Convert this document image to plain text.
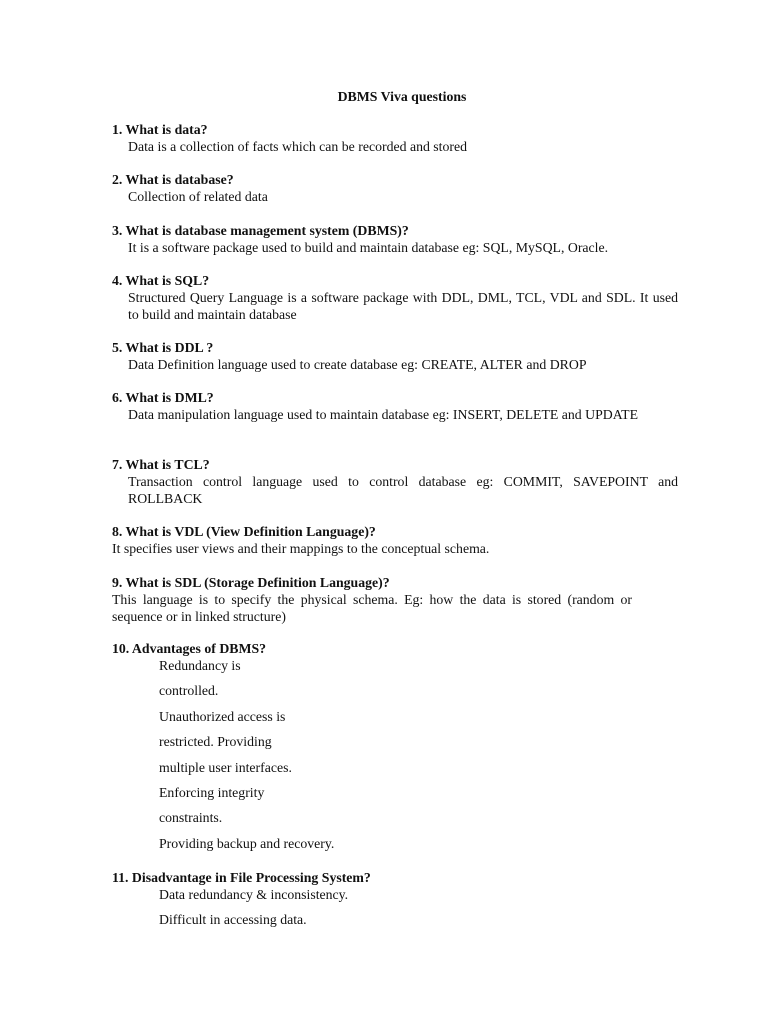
DBMS Viva questions
1. What is data?
Data is a collection of facts which can be recorded and stored
2. What is database?
Collection of related data
3. What is database management system (DBMS)?
It is a software package used to build and maintain database eg: SQL, MySQL, Oracle.
4. What is SQL?
Structured Query Language is a software package with DDL, DML, TCL, VDL and SDL. It used to build and maintain database
5. What is DDL ?
Data Definition language used to create database eg: CREATE, ALTER and DROP
6. What is DML?
Data manipulation language used to maintain database eg: INSERT, DELETE and UPDATE
7. What is TCL?
Transaction control language used to control database eg: COMMIT, SAVEPOINT and ROLLBACK
8. What is VDL (View Definition Language)?
It specifies user views and their mappings to the conceptual schema.
9. What is SDL (Storage Definition Language)?
This language is to specify the physical schema. Eg: how the data is stored (random or sequence or in linked structure)
10. Advantages of DBMS?
Redundancy is
controlled.
Unauthorized access is
restricted. Providing
multiple user interfaces.
Enforcing integrity
constraints.
Providing backup and recovery.
11. Disadvantage in File Processing System?
Data redundancy & inconsistency.
Difficult in accessing data.
